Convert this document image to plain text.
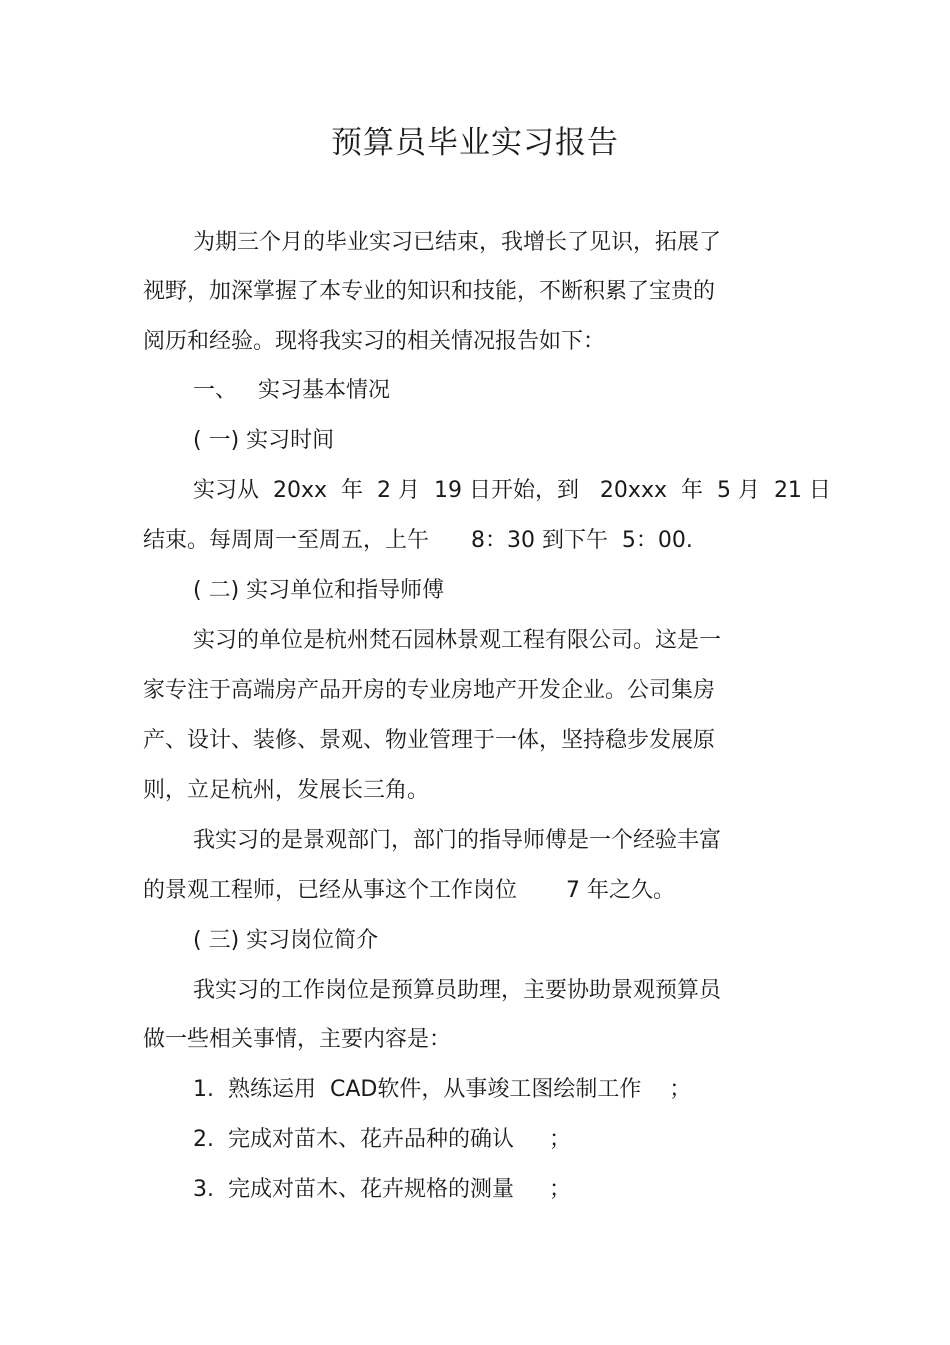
预算员毕业实习报告
为期三个月的毕业实习已结束，我增长了见识，拓展了
视野，加深掌握了本专业的知识和技能，不断积累了宝贵的
阅历和经验。现将我实习的相关情况报告如下：
一、   实习基本情况
( 一) 实习时间
实习从  20xx  年  2 月  19 日开始，到   20xxx  年  5 月  21 日
结束。每周周一至周五，上午      8：30 到下午  5：00.
( 二) 实习单位和指导师傅
实习的单位是杭州梵石园林景观工程有限公司。这是一
家专注于高端房产品开房的专业房地产开发企业。公司集房
产、设计、装修、景观、物业管理于一体，坚持稳步发展原
则，立足杭州，发展长三角。
我实习的是景观部门，部门的指导师傅是一个经验丰富
的景观工程师，已经从事这个工作岗位       7 年之久。
( 三) 实习岗位简介
我实习的工作岗位是预算员助理，主要协助景观预算员
做一些相关事情，主要内容是：
1.  熟练运用  CAD软件，从事竣工图绘制工作    ；
2.  完成对苗木、花卉品种的确认     ；
3.  完成对苗木、花卉规格的测量     ；
